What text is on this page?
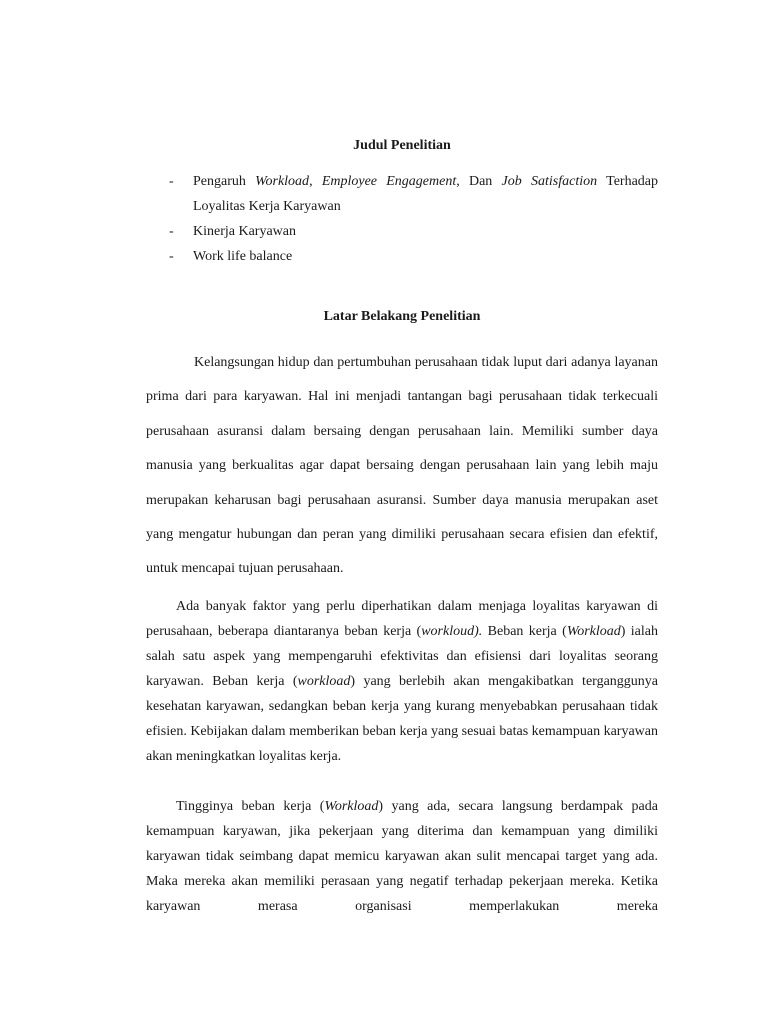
Judul Penelitian
- Pengaruh Workload, Employee Engagement, Dan Job Satisfaction Terhadap Loyalitas Kerja Karyawan
- Kinerja Karyawan
- Work life balance
Latar Belakang Penelitian

Kelangsungan hidup dan pertumbuhan perusahaan tidak luput dari adanya layanan prima dari para karyawan. Hal ini menjadi tantangan bagi perusahaan tidak terkecuali perusahaan asuransi dalam bersaing dengan perusahaan lain. Memiliki sumber daya manusia yang berkualitas agar dapat bersaing dengan perusahaan lain yang lebih maju merupakan keharusan bagi perusahaan asuransi. Sumber daya manusia merupakan aset yang mengatur hubungan dan peran yang dimiliki perusahaan secara efisien dan efektif, untuk mencapai tujuan perusahaan.

Ada banyak faktor yang perlu diperhatikan dalam menjaga loyalitas karyawan di perusahaan, beberapa diantaranya beban kerja (workloud). Beban kerja (Workload) ialah salah satu aspek yang mempengaruhi efektivitas dan efisiensi dari loyalitas seorang karyawan. Beban kerja (workload) yang berlebih akan mengakibatkan terganggunya kesehatan karyawan, sedangkan beban kerja yang kurang menyebabkan perusahaan tidak efisien. Kebijakan dalam memberikan beban kerja yang sesuai batas kemampuan karyawan akan meningkatkan loyalitas kerja.

Tingginya beban kerja (Workload) yang ada, secara langsung berdampak pada kemampuan karyawan, jika pekerjaan yang diterima dan kemampuan yang dimiliki karyawan tidak seimbang dapat memicu karyawan akan sulit mencapai target yang ada. Maka mereka akan memiliki perasaan yang negatif terhadap pekerjaan mereka. Ketika karyawan merasa organisasi memperlakukan mereka
